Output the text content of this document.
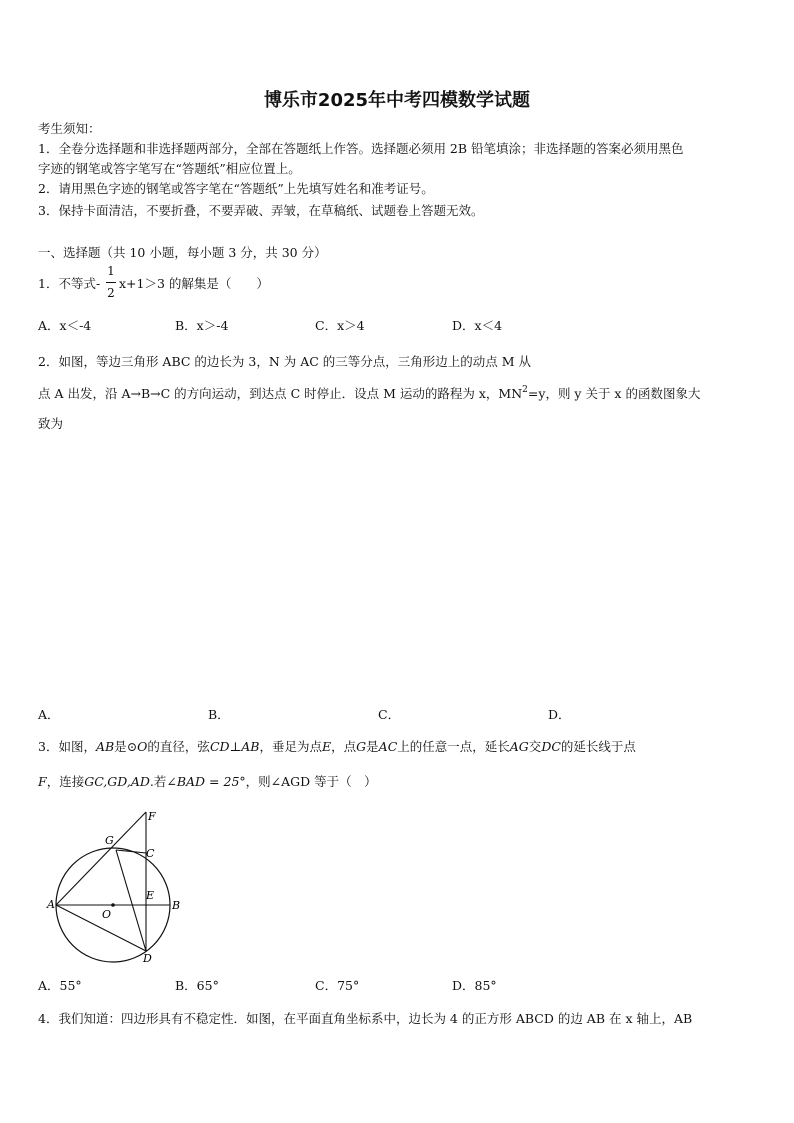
博乐市2025年中考四模数学试题
考生须知：
1．全卷分选择题和非选择题两部分，全部在答题纸上作答。选择题必须用 2B 铅笔填涂；非选择题的答案必须用黑色
字迹的钢笔或答字笔写在“答题纸”相应位置上。
2．请用黑色字迹的钢笔或答字笔在“答题纸”上先填写姓名和准考证号。
3．保持卡面清洁，不要折叠，不要弄破、弄皱，在草稿纸、试题卷上答题无效。
一、选择题（共 10 小题，每小题 3 分，共 30 分）
1．不等式-
1
2
x+1＞3 的解集是（　　）
A．x＜-4	B．x＞-4	C．x＞4	D．x＜4
2．如图，等边三角形 ABC 的边长为 3，N 为 AC 的三等分点，三角形边上的动点 M 从
点 A 出发，沿 A→B→C 的方向运动，到达点 C 时停止．设点 M 运动的路程为 x，$MN^2=y$，则 y 关于 x 的函数图象大
致为
A．	B．	C．	D．
3．如图，AB是⊙O的直径，弦CD⊥AB，垂足为点E，点G是AC上的任意一点，延长AG交DC的延长线于点
F，连接GC,GD,AD.若∠BAD = 25°，则∠AGD 等于（　）
A	B
C
D
E
F
G
O
A．55°	B．65°	C．75°	D．85°
4．我们知道：四边形具有不稳定性．如图，在平面直角坐标系中，边长为 4 的正方形 ABCD 的边 AB 在 x 轴上，AB
